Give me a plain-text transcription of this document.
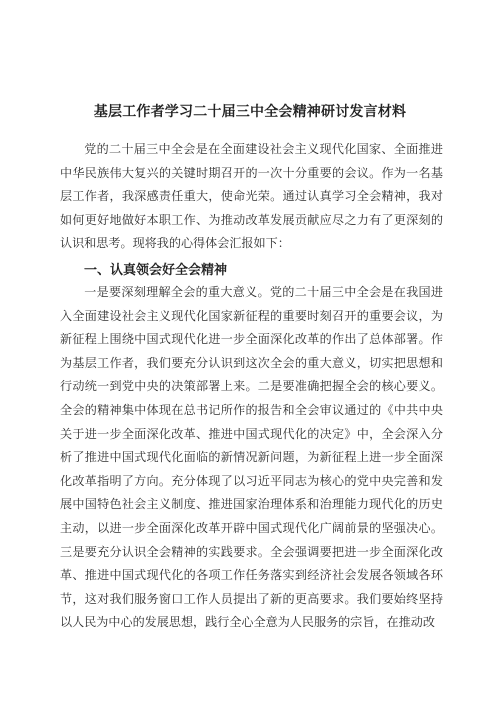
基层工作者学习二十届三中全会精神研讨发言材料

党的二十届三中全会是在全面建设社会主义现代化国家、全面推进中华民族伟大复兴的关键时期召开的一次十分重要的会议。作为一名基层工作者，我深感责任重大，使命光荣。通过认真学习全会精神，我对如何更好地做好本职工作、为推动改革发展贡献应尽之力有了更深刻的认识和思考。现将我的心得体会汇报如下：

一、认真领会好全会精神

一是要深刻理解全会的重大意义。党的二十届三中全会是在我国进入全面建设社会主义现代化国家新征程的重要时刻召开的重要会议，为新征程上围绕中国式现代化进一步全面深化改革的作出了总体部署。作为基层工作者，我们要充分认识到这次全会的重大意义，切实把思想和行动统一到党中央的决策部署上来。二是要准确把握全会的核心要义。全会的精神集中体现在总书记所作的报告和全会审议通过的《中共中央关于进一步全面深化改革、推进中国式现代化的决定》中，全会深入分析了推进中国式现代化面临的新情况新问题，为新征程上进一步全面深化改革指明了方向。充分体现了以习近平同志为核心的党中央完善和发展中国特色社会主义制度、推进国家治理体系和治理能力现代化的历史主动，以进一步全面深化改革开辟中国式现代化广阔前景的坚强决心。三是要充分认识全会精神的实践要求。全会强调要把进一步全面深化改革、推进中国式现代化的各项工作任务落实到经济社会发展各领域各环节，这对我们服务窗口工作人员提出了新的更高要求。我们要始终坚持以人民为中心的发展思想，践行全心全意为人民服务的宗旨，在推动改
